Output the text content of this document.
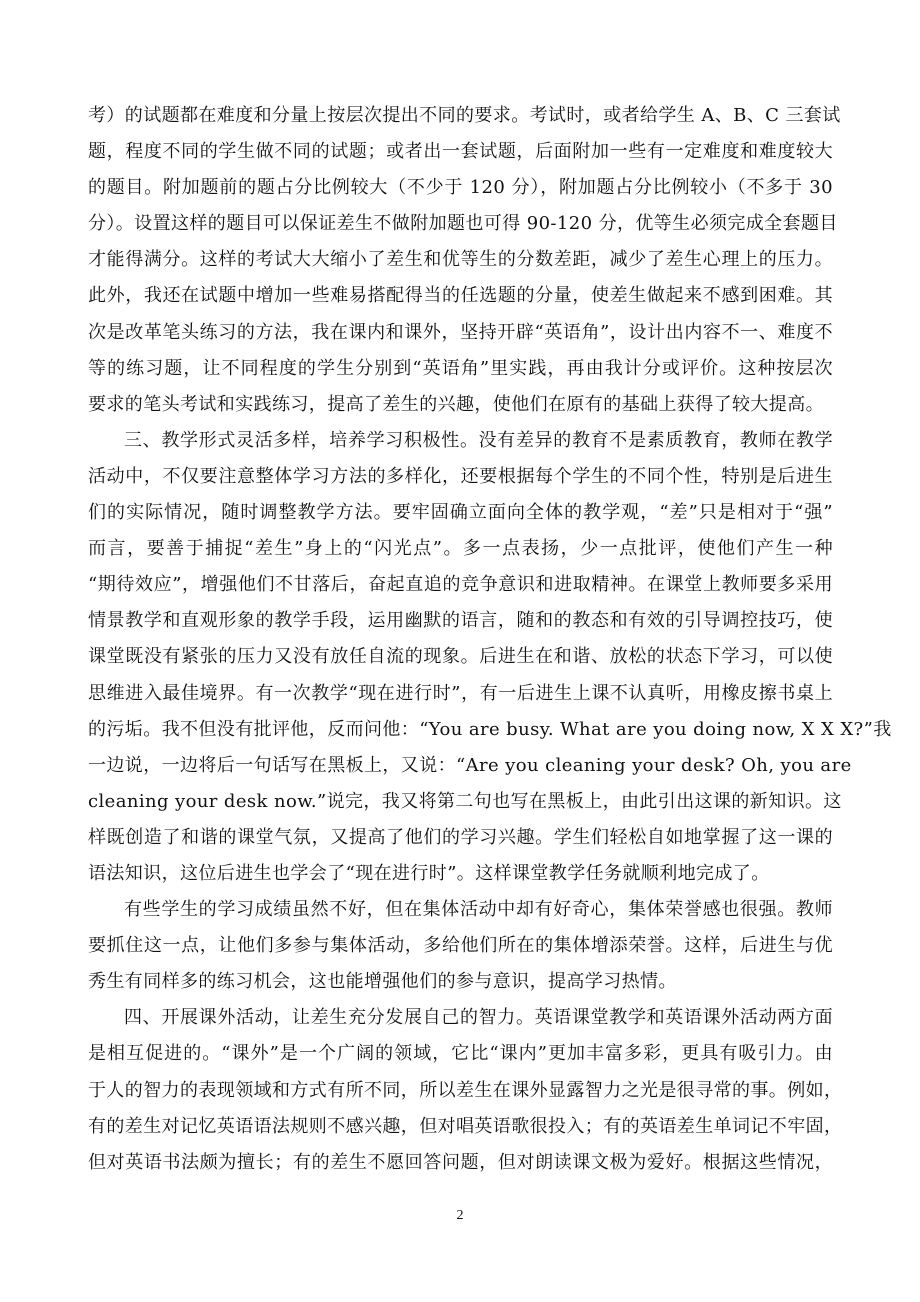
考）的试题都在难度和分量上按层次提出不同的要求。考试时，或者给学生 A、B、C 三套试
题，程度不同的学生做不同的试题；或者出一套试题，后面附加一些有一定难度和难度较大
的题目。附加题前的题占分比例较大（不少于 120 分），附加题占分比例较小（不多于 30
分）。设置这样的题目可以保证差生不做附加题也可得 90-120 分，优等生必须完成全套题目
才能得满分。这样的考试大大缩小了差生和优等生的分数差距，减少了差生心理上的压力。
此外，我还在试题中增加一些难易搭配得当的任选题的分量，使差生做起来不感到困难。其
次是改革笔头练习的方法，我在课内和课外，坚持开辟“英语角”，设计出内容不一、难度不
等的练习题，让不同程度的学生分别到“英语角”里实践，再由我计分或评价。这种按层次
要求的笔头考试和实践练习，提高了差生的兴趣，使他们在原有的基础上获得了较大提高。
三、教学形式灵活多样，培养学习积极性。没有差异的教育不是素质教育，教师在教学
活动中，不仅要注意整体学习方法的多样化，还要根据每个学生的不同个性，特别是后进生
们的实际情况，随时调整教学方法。要牢固确立面向全体的教学观，“差”只是相对于“强”
而言，要善于捕捉“差生”身上的“闪光点”。多一点表扬，少一点批评，使他们产生一种
“期待效应”，增强他们不甘落后，奋起直追的竞争意识和进取精神。在课堂上教师要多采用
情景教学和直观形象的教学手段，运用幽默的语言，随和的教态和有效的引导调控技巧，使
课堂既没有紧张的压力又没有放任自流的现象。后进生在和谐、放松的状态下学习，可以使
思维进入最佳境界。有一次教学“现在进行时”，有一后进生上课不认真听，用橡皮擦书桌上
的污垢。我不但没有批评他，反而问他：“You are busy. What are you doing now, X X X?”我
一边说，一边将后一句话写在黑板上，又说：“Are you cleaning your desk? Oh, you are
cleaning your desk now.”说完，我又将第二句也写在黑板上，由此引出这课的新知识。这
样既创造了和谐的课堂气氛，又提高了他们的学习兴趣。学生们轻松自如地掌握了这一课的
语法知识，这位后进生也学会了“现在进行时”。这样课堂教学任务就顺利地完成了。
有些学生的学习成绩虽然不好，但在集体活动中却有好奇心，集体荣誉感也很强。教师
要抓住这一点，让他们多参与集体活动，多给他们所在的集体增添荣誉。这样，后进生与优
秀生有同样多的练习机会，这也能增强他们的参与意识，提高学习热情。
四、开展课外活动，让差生充分发展自己的智力。英语课堂教学和英语课外活动两方面
是相互促进的。“课外”是一个广阔的领域，它比“课内”更加丰富多彩，更具有吸引力。由
于人的智力的表现领域和方式有所不同，所以差生在课外显露智力之光是很寻常的事。例如，
有的差生对记忆英语语法规则不感兴趣，但对唱英语歌很投入；有的英语差生单词记不牢固，
但对英语书法颇为擅长；有的差生不愿回答问题，但对朗读课文极为爱好。根据这些情况，
2
